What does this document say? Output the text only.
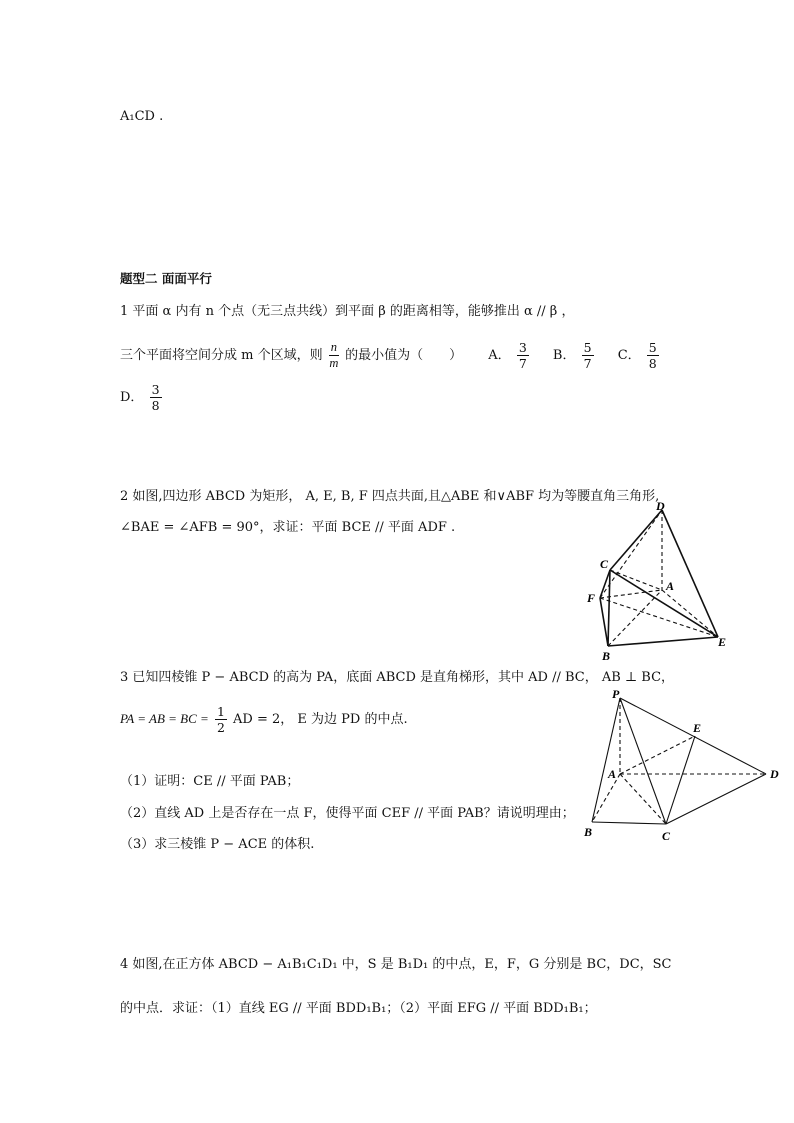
A₁CD .
题型二 面面平行
1 平面 α 内有 n 个点（无三点共线）到平面 β 的距离相等，能够推出 α // β ，
三个平面将空间分成 m 个区域，则 $\frac{n}{m}$ 的最小值为（　　） A． $\frac{3}{7}$ B． $\frac{5}{7}$ C． $\frac{5}{8}$
D． $\frac{3}{8}$
2 如图,四边形 ABCD 为矩形， A, E, B, F 四点共面,且△ABE 和∨ABF 均为等腰直角三角形,
∠BAE = ∠AFB = 90°，求证：平面 BCE // 平面 ADF .
D
C
A
F
B
E
3 已知四棱锥 P − ABCD 的高为 PA，底面 ABCD 是直角梯形，其中 AD // BC， AB ⊥ BC，
PA = AB = BC = $\frac{1}{2}$ AD = 2， E 为边 PD 的中点.
（1）证明：CE // 平面 PAB；
（2）直线 AD 上是否存在一点 F，使得平面 CEF // 平面 PAB？请说明理由；
（3）求三棱锥 P − ACE 的体积.
P
E
A	D
B	C
4 如图,在正方体 ABCD − A₁B₁C₁D₁ 中，S 是 B₁D₁ 的中点，E，F，G 分别是 BC，DC，SC
的中点．求证：（1）直线 EG // 平面 BDD₁B₁；（2）平面 EFG // 平面 BDD₁B₁；
